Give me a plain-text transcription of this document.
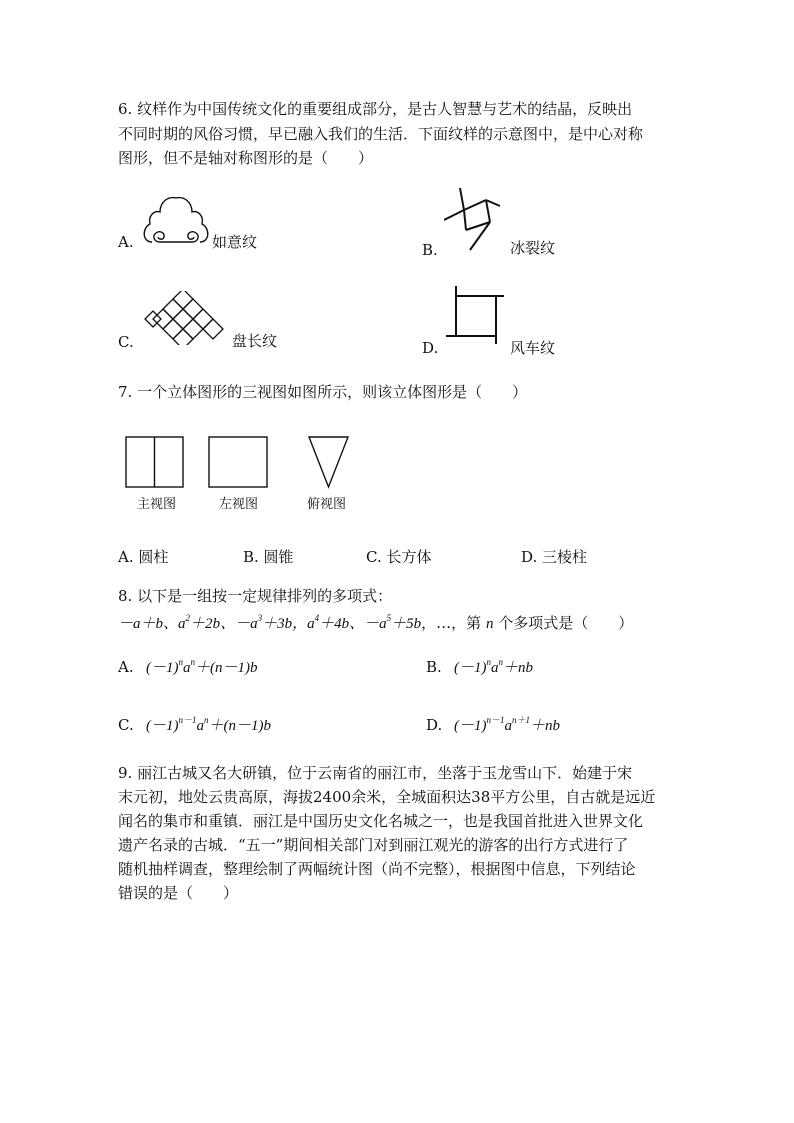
6. 纹样作为中国传统文化的重要组成部分，是古人智慧与艺术的结晶，反映出
不同时期的风俗习惯，早已融入我们的生活．下面纹样的示意图中，是中心对称
图形，但不是轴对称图形的是（　　）
A.	如意纹	B.	冰裂纹
C.	盘长纹	D.	风车纹
7. 一个立体图形的三视图如图所示，则该立体图形是（　　）
主视图	左视图	俯视图
A. 圆柱	B. 圆锥	C. 长方体	D. 三棱柱
8. 以下是一组按一定规律排列的多项式：
－a＋b、$a^2+2b$、$-a^3+3b$，$a^4+4b$、$-a^5+5b$，…，第 n 个多项式是（　　）
A. $(-1)^na^n+(n-1)b$	B. $(-1)^na^n+nb$
C. $(-1)^{n-1}a^n+(n-1)b$	D. $(-1)^{n-1}a^{n+1}+nb$
9. 丽江古城又名大研镇，位于云南省的丽江市，坐落于玉龙雪山下．始建于宋
末元初，地处云贵高原，海拔2400余米，全城面积达38平方公里，自古就是远近
闻名的集市和重镇．丽江是中国历史文化名城之一，也是我国首批进入世界文化
遗产名录的古城．“五一”期间相关部门对到丽江观光的游客的出行方式进行了
随机抽样调查，整理绘制了两幅统计图（尚不完整），根据图中信息，下列结论
错误的是（　　）
